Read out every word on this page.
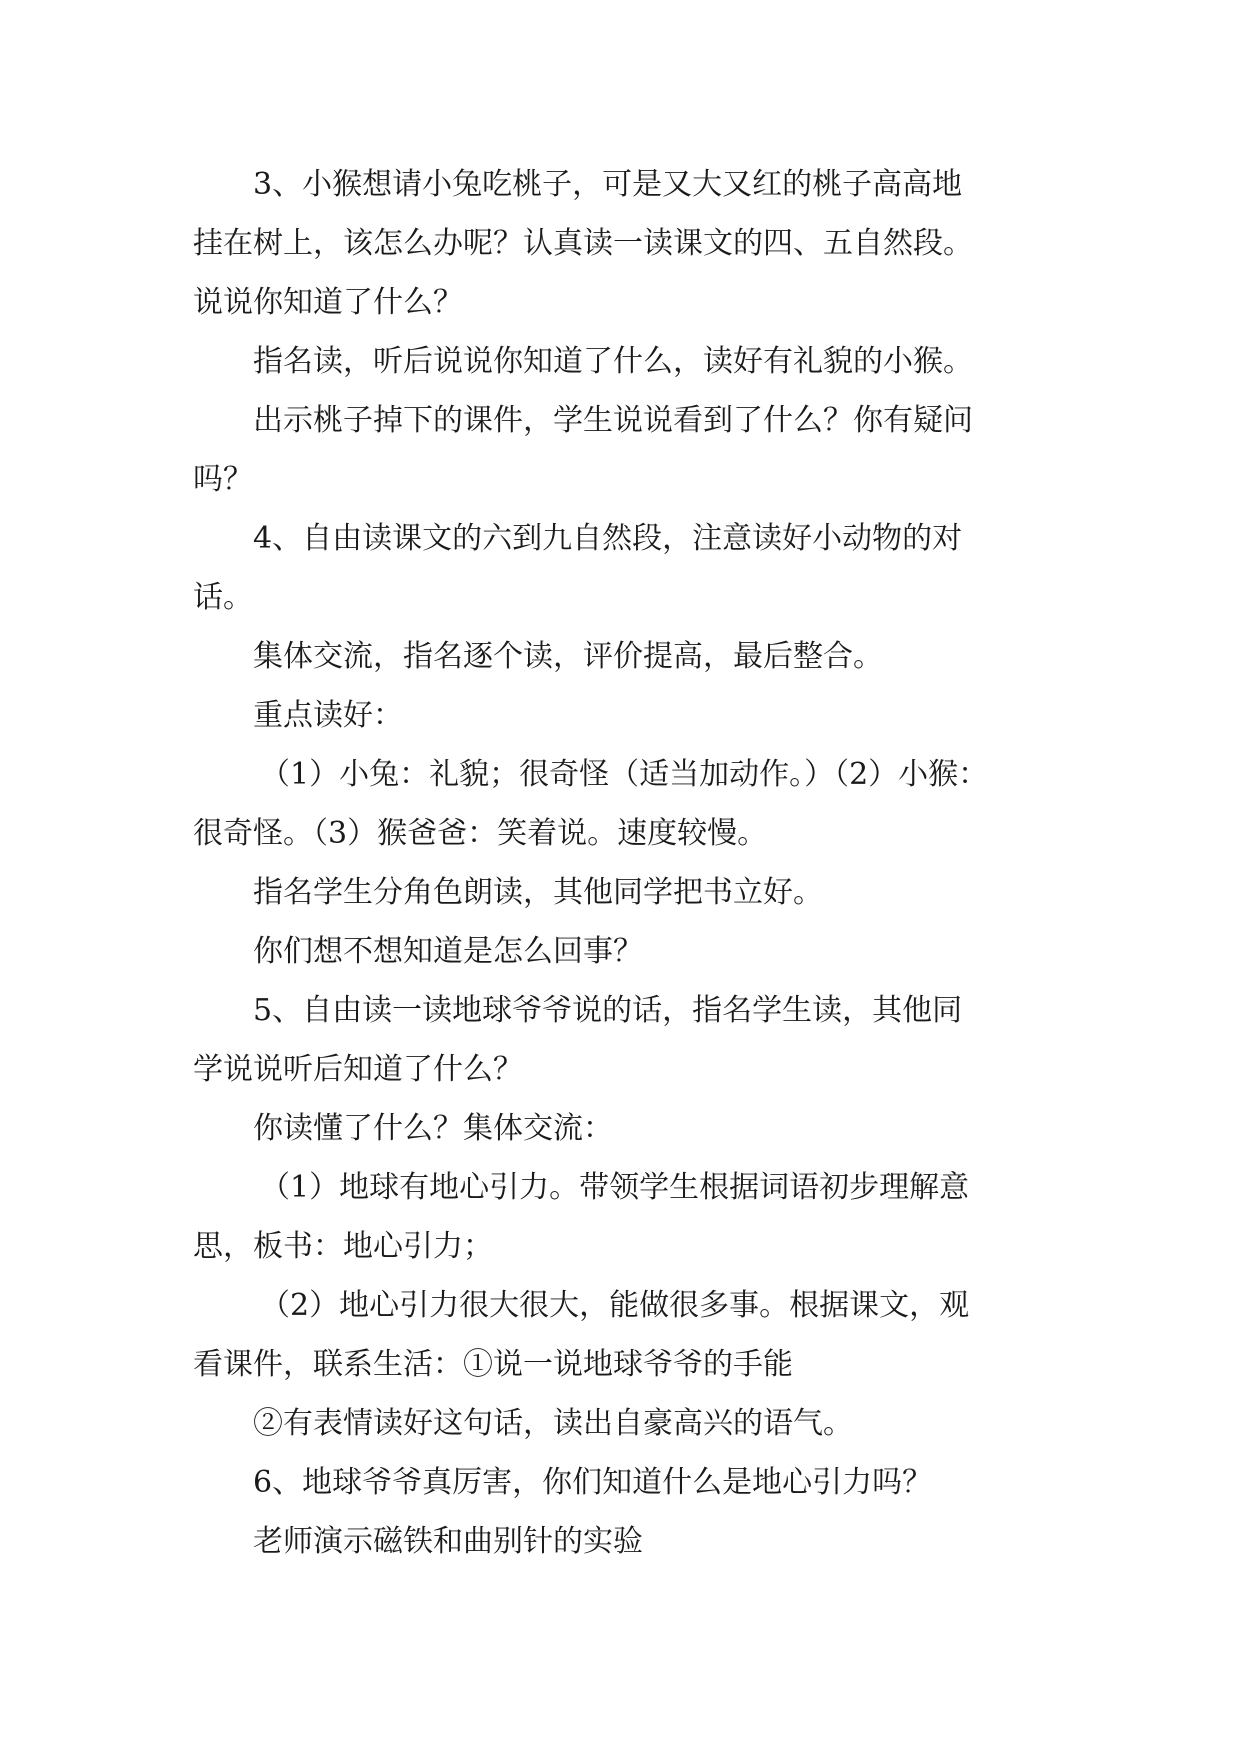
3、小猴想请小兔吃桃子，可是又大又红的桃子高高地
挂在树上，该怎么办呢？认真读一读课文的四、五自然段。
说说你知道了什么？
指名读，听后说说你知道了什么，读好有礼貌的小猴。
出示桃子掉下的课件，学生说说看到了什么？你有疑问
吗？
4、自由读课文的六到九自然段，注意读好小动物的对
话。
集体交流，指名逐个读，评价提高，最后整合。
重点读好：
（1）小兔：礼貌；很奇怪（适当加动作。）（2）小猴：
很奇怪。（3）猴爸爸：笑着说。速度较慢。
指名学生分角色朗读，其他同学把书立好。
你们想不想知道是怎么回事？
5、自由读一读地球爷爷说的话，指名学生读，其他同
学说说听后知道了什么？
你读懂了什么？集体交流：
（1）地球有地心引力。带领学生根据词语初步理解意
思，板书：地心引力；
（2）地心引力很大很大，能做很多事。根据课文，观
看课件，联系生活：①说一说地球爷爷的手能
②有表情读好这句话，读出自豪高兴的语气。
6、地球爷爷真厉害，你们知道什么是地心引力吗？
老师演示磁铁和曲别针的实验
